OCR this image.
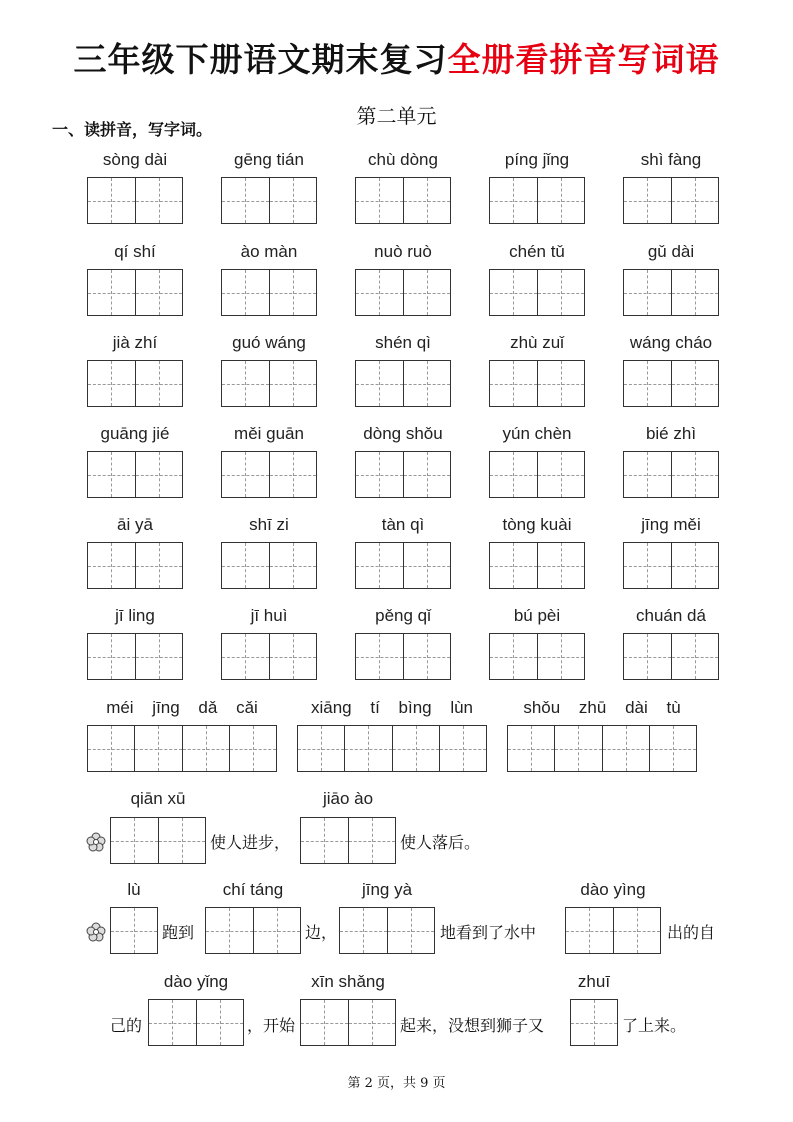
三年级下册语文期末复习全册看拼音写词语
第二单元
一、读拼音，写字词。
sòng dài	gēng tián	chù dòng	píng jǐng	shì fàng
qí shí	ào màn	nuò ruò	chén tǔ	gǔ dài
jià zhí	guó wáng	shén qì	zhù zuǐ	wáng cháo
guāng jié	měi guān	dòng shǒu	yún chèn	bié zhì
āi yā	shī zi	tàn qì	tòng kuài	jīng měi
jī ling	jī huì	pěng qǐ	bú pèi	chuán dá
méi jīng dǎ cǎi	xiāng tí bìng lùn	shǒu zhū dài tù
qiān xū
使人进步，
jiāo ào
使人落后。
lù
跑到
chí táng
边，
jīng yà
地看到了水中
dào yìng
出的自
己的
dào yǐng
，开始
xīn shǎng
起来，没想到狮子又
zhuī
了上来。
第 2 页，共 9 页
